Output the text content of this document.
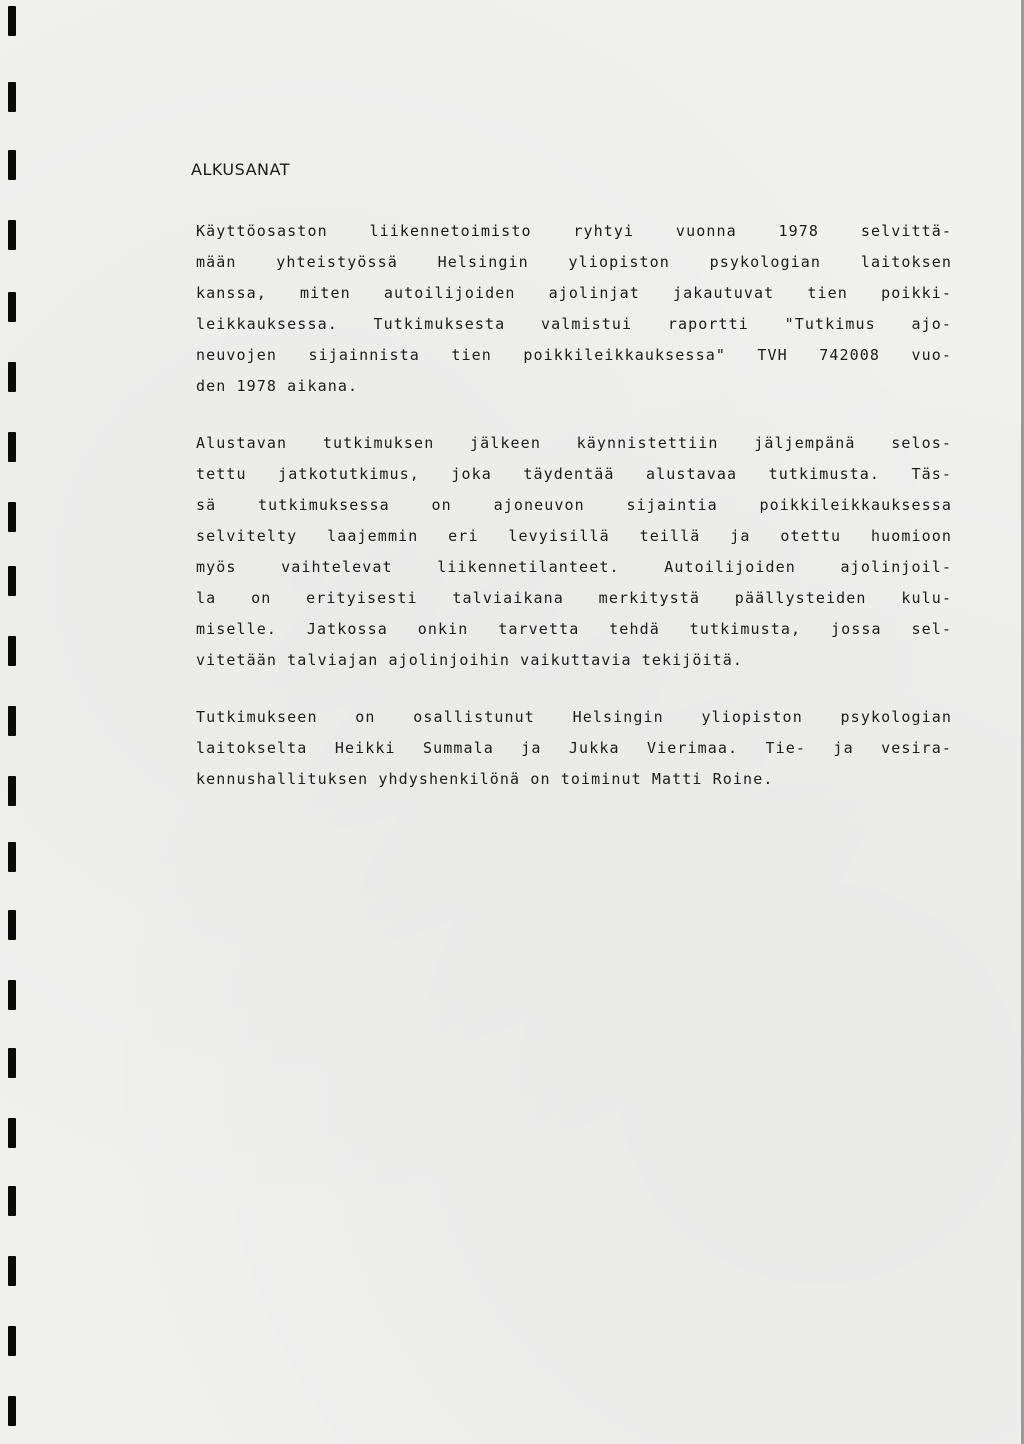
ALKUSANAT
Käyttöosaston liikennetoimisto ryhtyi vuonna 1978 selvittä-
mään yhteistyössä Helsingin yliopiston psykologian laitoksen
kanssa, miten autoilijoiden ajolinjat jakautuvat tien poikki-
leikkauksessa. Tutkimuksesta valmistui raportti "Tutkimus ajo-
neuvojen sijainnista tien poikkileikkauksessa" TVH 742008 vuo-
den 1978 aikana.
Alustavan tutkimuksen jälkeen käynnistettiin jäljempänä selos-
tettu jatkotutkimus, joka täydentää alustavaa tutkimusta. Täs-
sä tutkimuksessa on ajoneuvon sijaintia poikkileikkauksessa
selvitelty laajemmin eri levyisillä teillä ja otettu huomioon
myös vaihtelevat liikennetilanteet. Autoilijoiden ajolinjoil-
la on erityisesti talviaikana merkitystä päällysteiden kulu-
miselle. Jatkossa onkin tarvetta tehdä tutkimusta, jossa sel-
vitetään talviajan ajolinjoihin vaikuttavia tekijöitä.
Tutkimukseen on osallistunut Helsingin yliopiston psykologian
laitokselta Heikki Summala ja Jukka Vierimaa. Tie- ja vesira-
kennushallituksen yhdyshenkilönä on toiminut Matti Roine.
